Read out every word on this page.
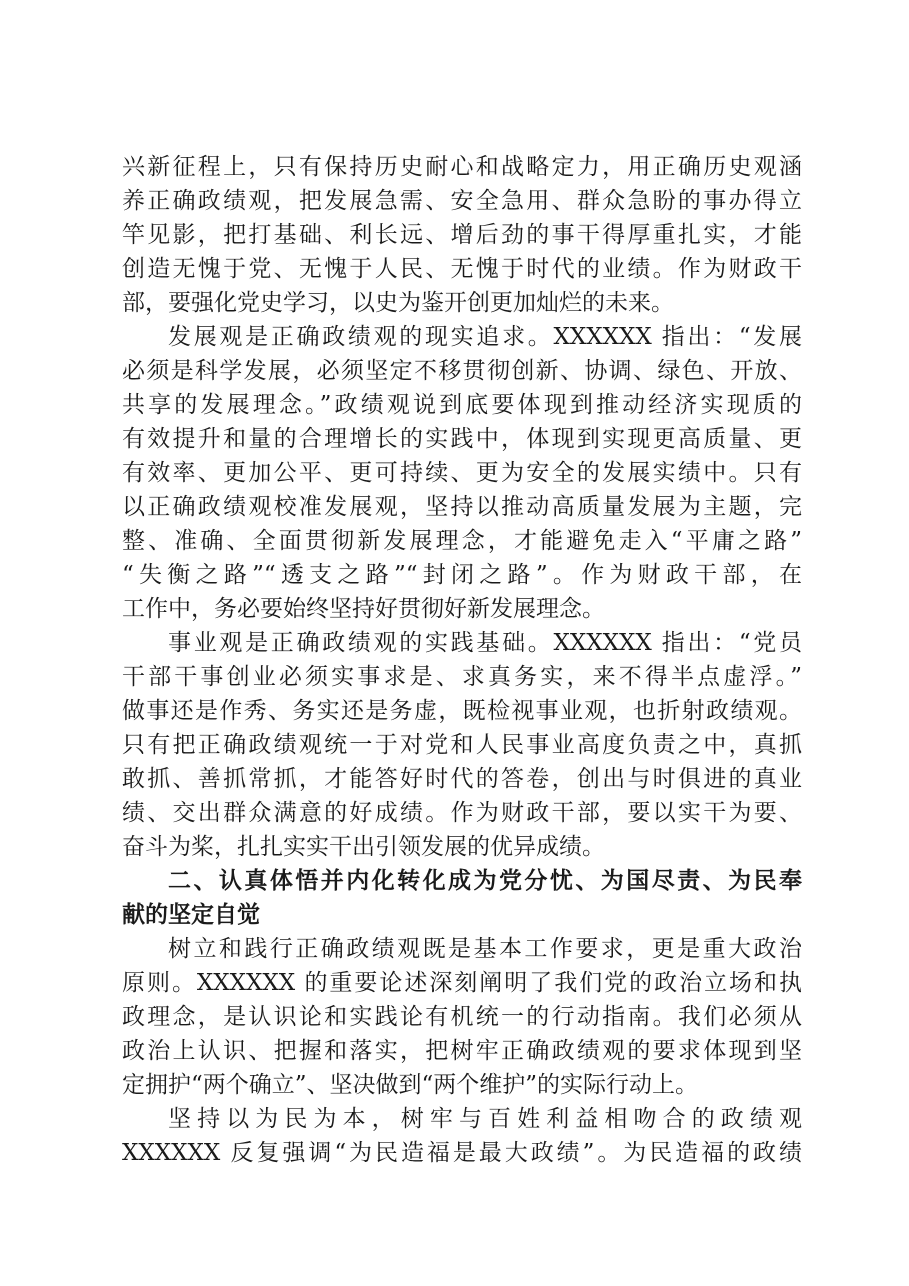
兴新征程上，只有保持历史耐心和战略定力，用正确历史观涵
养正确政绩观，把发展急需、安全急用、群众急盼的事办得立
竿见影，把打基础、利长远、增后劲的事干得厚重扎实，才能
创造无愧于党、无愧于人民、无愧于时代的业绩。作为财政干
部，要强化党史学习，以史为鉴开创更加灿烂的未来。
发展观是正确政绩观的现实追求。XXXXXX 指出：“发展
必须是科学发展，必须坚定不移贯彻创新、协调、绿色、开放、
共享的发展理念。”政绩观说到底要体现到推动经济实现质的
有效提升和量的合理增长的实践中，体现到实现更高质量、更
有效率、更加公平、更可持续、更为安全的发展实绩中。只有
以正确政绩观校准发展观，坚持以推动高质量发展为主题，完
整、准确、全面贯彻新发展理念，才能避免走入“平庸之路”
“失衡之路”“透支之路”“封闭之路”。作为财政干部，在
工作中，务必要始终坚持好贯彻好新发展理念。
事业观是正确政绩观的实践基础。XXXXXX 指出：“党员
干部干事创业必须实事求是、求真务实，来不得半点虚浮。”
做事还是作秀、务实还是务虚，既检视事业观，也折射政绩观。
只有把正确政绩观统一于对党和人民事业高度负责之中，真抓
敢抓、善抓常抓，才能答好时代的答卷，创出与时俱进的真业
绩、交出群众满意的好成绩。作为财政干部，要以实干为要、
奋斗为桨，扎扎实实干出引领发展的优异成绩。
二、认真体悟并内化转化成为党分忧、为国尽责、为民奉
献的坚定自觉
树立和践行正确政绩观既是基本工作要求，更是重大政治
原则。XXXXXX 的重要论述深刻阐明了我们党的政治立场和执
政理念，是认识论和实践论有机统一的行动指南。我们必须从
政治上认识、把握和落实，把树牢正确政绩观的要求体现到坚
定拥护“两个确立”、坚决做到“两个维护”的实际行动上。
坚持以为民为本，树牢与百姓利益相吻合的政绩观
XXXXXX 反复强调“为民造福是最大政绩”。为民造福的政绩
